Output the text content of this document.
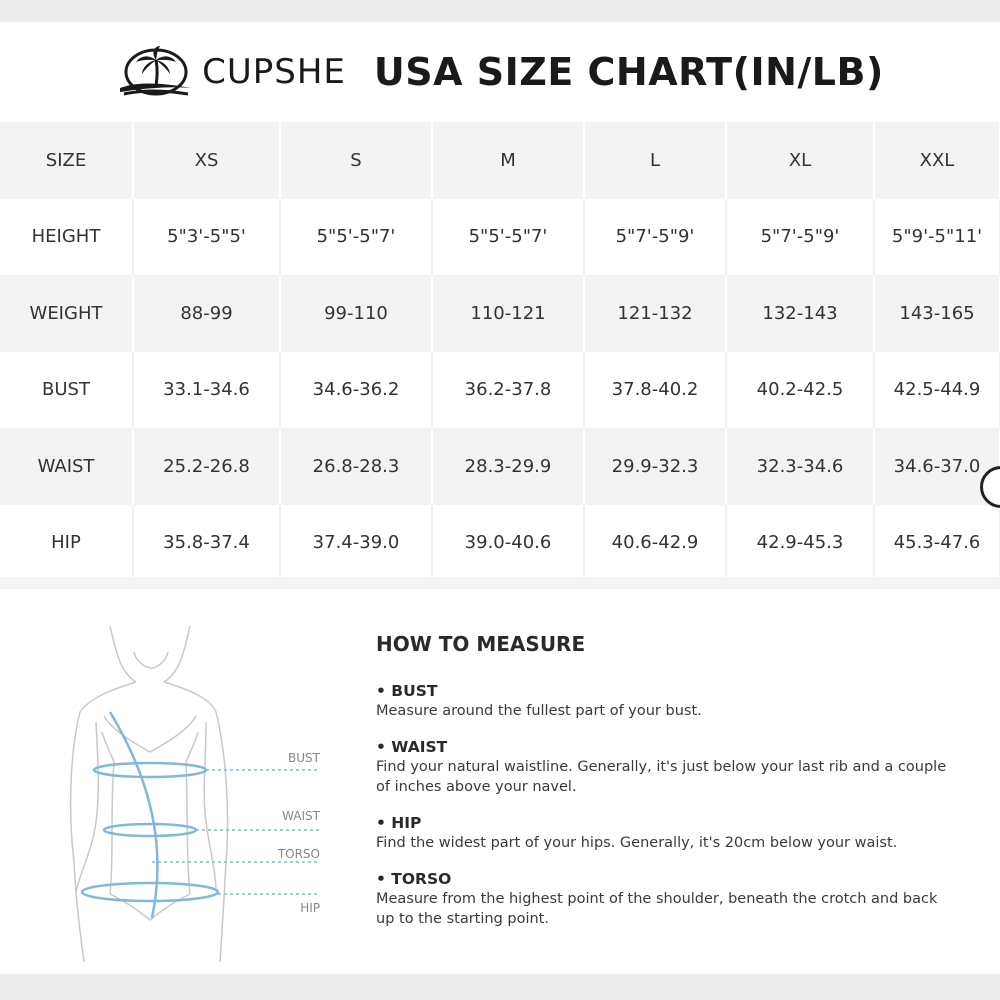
CUPSHE USA SIZE CHART(IN/LB)
SIZE	XS	S	M	L	XL	XXL
HEIGHT	5"3'-5"5'	5"5'-5"7'	5"5'-5"7'	5"7'-5"9'	5"7'-5"9'	5"9'-5"11'
WEIGHT	88-99	99-110	110-121	121-132	132-143	143-165
BUST	33.1-34.6	34.6-36.2	36.2-37.8	37.8-40.2	40.2-42.5	42.5-44.9
WAIST	25.2-26.8	26.8-28.3	28.3-29.9	29.9-32.3	32.3-34.6	34.6-37.0
HIP	35.8-37.4	37.4-39.0	39.0-40.6	40.6-42.9	42.9-45.3	45.3-47.6
BUST
WAIST
TORSO
HIP
HOW TO MEASURE
• BUST
Measure around the fullest part of your bust.
• WAIST
Find your natural waistline. Generally, it's just below your last rib and a couple of inches above your navel.
• HIP
Find the widest part of your hips. Generally, it's 20cm below your waist.
• TORSO
Measure from the highest point of the shoulder, beneath the crotch and back up to the starting point.
